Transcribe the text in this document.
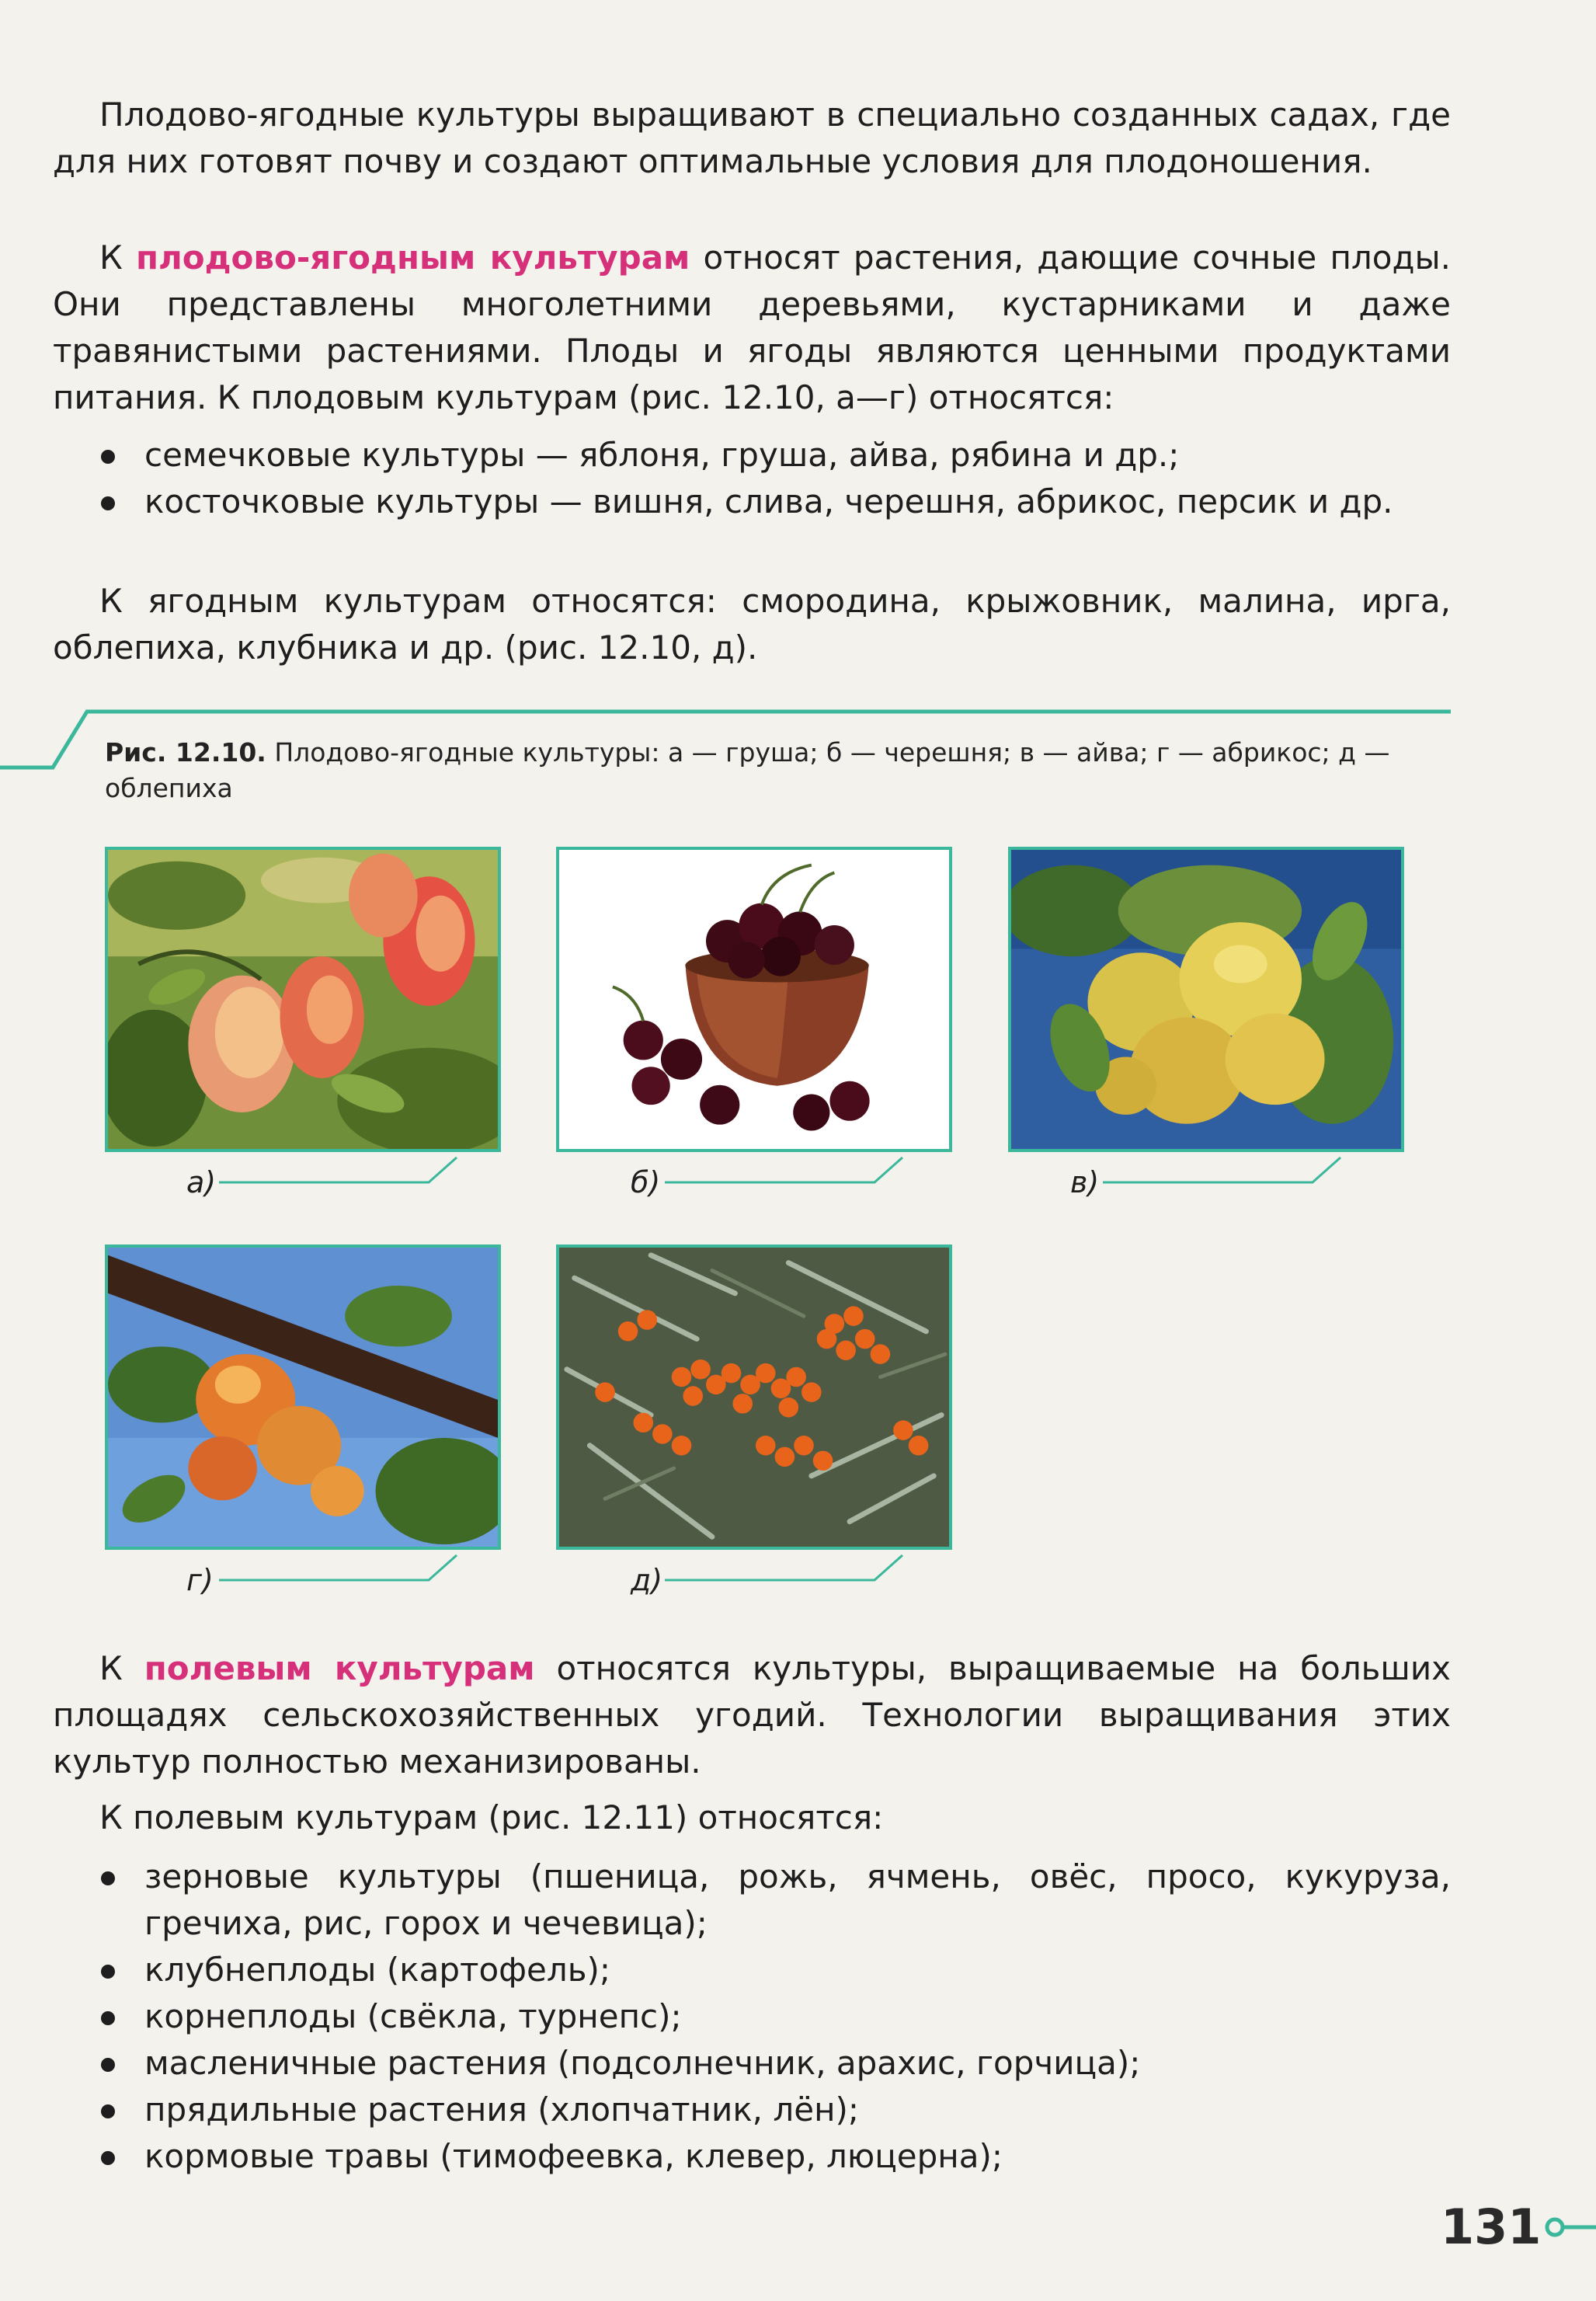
Плодово-ягодные культуры выращивают в специально созданных садах, где для них готовят почву и создают оптимальные условия для плодоношения.

К плодово-ягодным культурам относят растения, дающие сочные плоды. Они представлены многолетними деревьями, кустарниками и даже травянистыми растениями. Плоды и ягоды являются ценными продуктами питания. К плодовым культурам (рис. 12.10, а—г) относятся:

семечковые культуры — яблоня, груша, айва, рябина и др.;
косточковые культуры — вишня, слива, черешня, абрикос, персик и др.

К ягодным культурам относятся: смородина, крыжовник, малина, ирга, облепиха, клубника и др. (рис. 12.10, д).

Рис. 12.10. Плодово-ягодные культуры: а — груша; б — черешня; в — айва; г — абрикос; д — облепиха

а)	б)	в)
г)	д)

К полевым культурам относятся культуры, выращиваемые на больших площадях сельскохозяйственных угодий. Технологии выращивания этих культур полностью механизированы.

К полевым культурам (рис. 12.11) относятся:

зерновые культуры (пшеница, рожь, ячмень, овёс, просо, кукуруза, гречиха, рис, горох и чечевица);
клубнеплоды (картофель);
корнеплоды (свёкла, турнепс);
масленичные растения (подсолнечник, арахис, горчица);
прядильные растения (хлопчатник, лён);
кормовые травы (тимофеевка, клевер, люцерна);
131
